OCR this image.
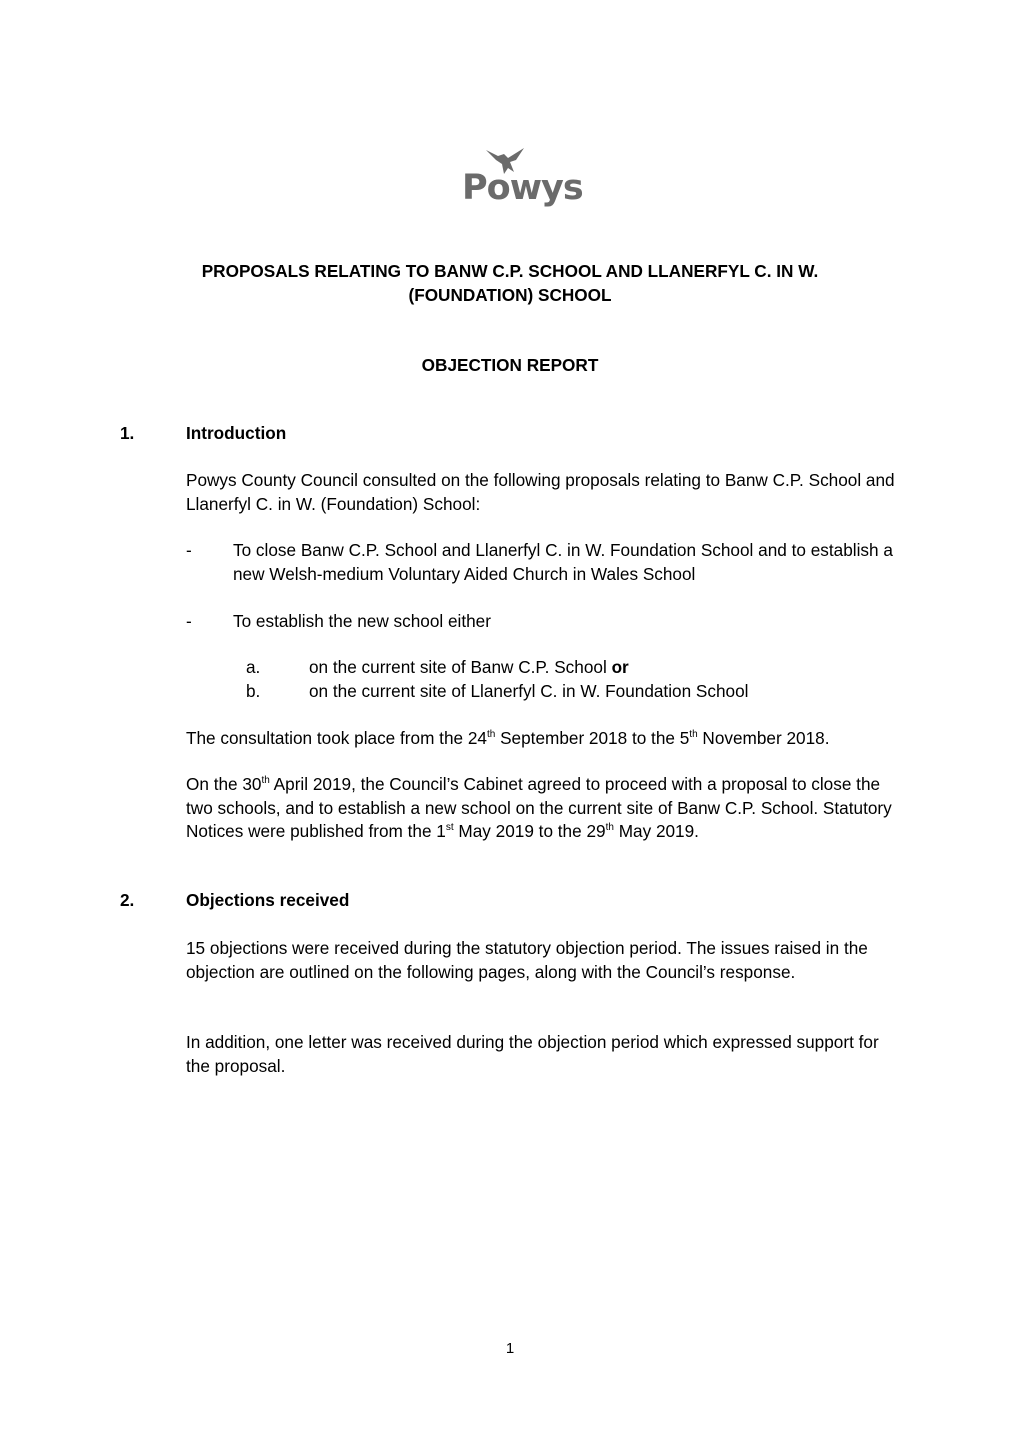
Powys
PROPOSALS RELATING TO BANW C.P. SCHOOL AND LLANERFYL C. IN W.
(FOUNDATION) SCHOOL
OBJECTION REPORT
1.	Introduction
Powys County Council consulted on the following proposals relating to Banw C.P. School and Llanerfyl C. in W. (Foundation) School:
- To close Banw C.P. School and Llanerfyl C. in W. Foundation School and to establish a new Welsh-medium Voluntary Aided Church in Wales School
- To establish the new school either
a.	on the current site of Banw C.P. School or
b.	on the current site of Llanerfyl C. in W. Foundation School
The consultation took place from the 24th September 2018 to the 5th November 2018.
On the 30th April 2019, the Council’s Cabinet agreed to proceed with a proposal to close the two schools, and to establish a new school on the current site of Banw C.P. School. Statutory Notices were published from the 1st May 2019 to the 29th May 2019.
2.	Objections received
15 objections were received during the statutory objection period. The issues raised in the objection are outlined on the following pages, along with the Council’s response.
In addition, one letter was received during the objection period which expressed support for the proposal.
1
